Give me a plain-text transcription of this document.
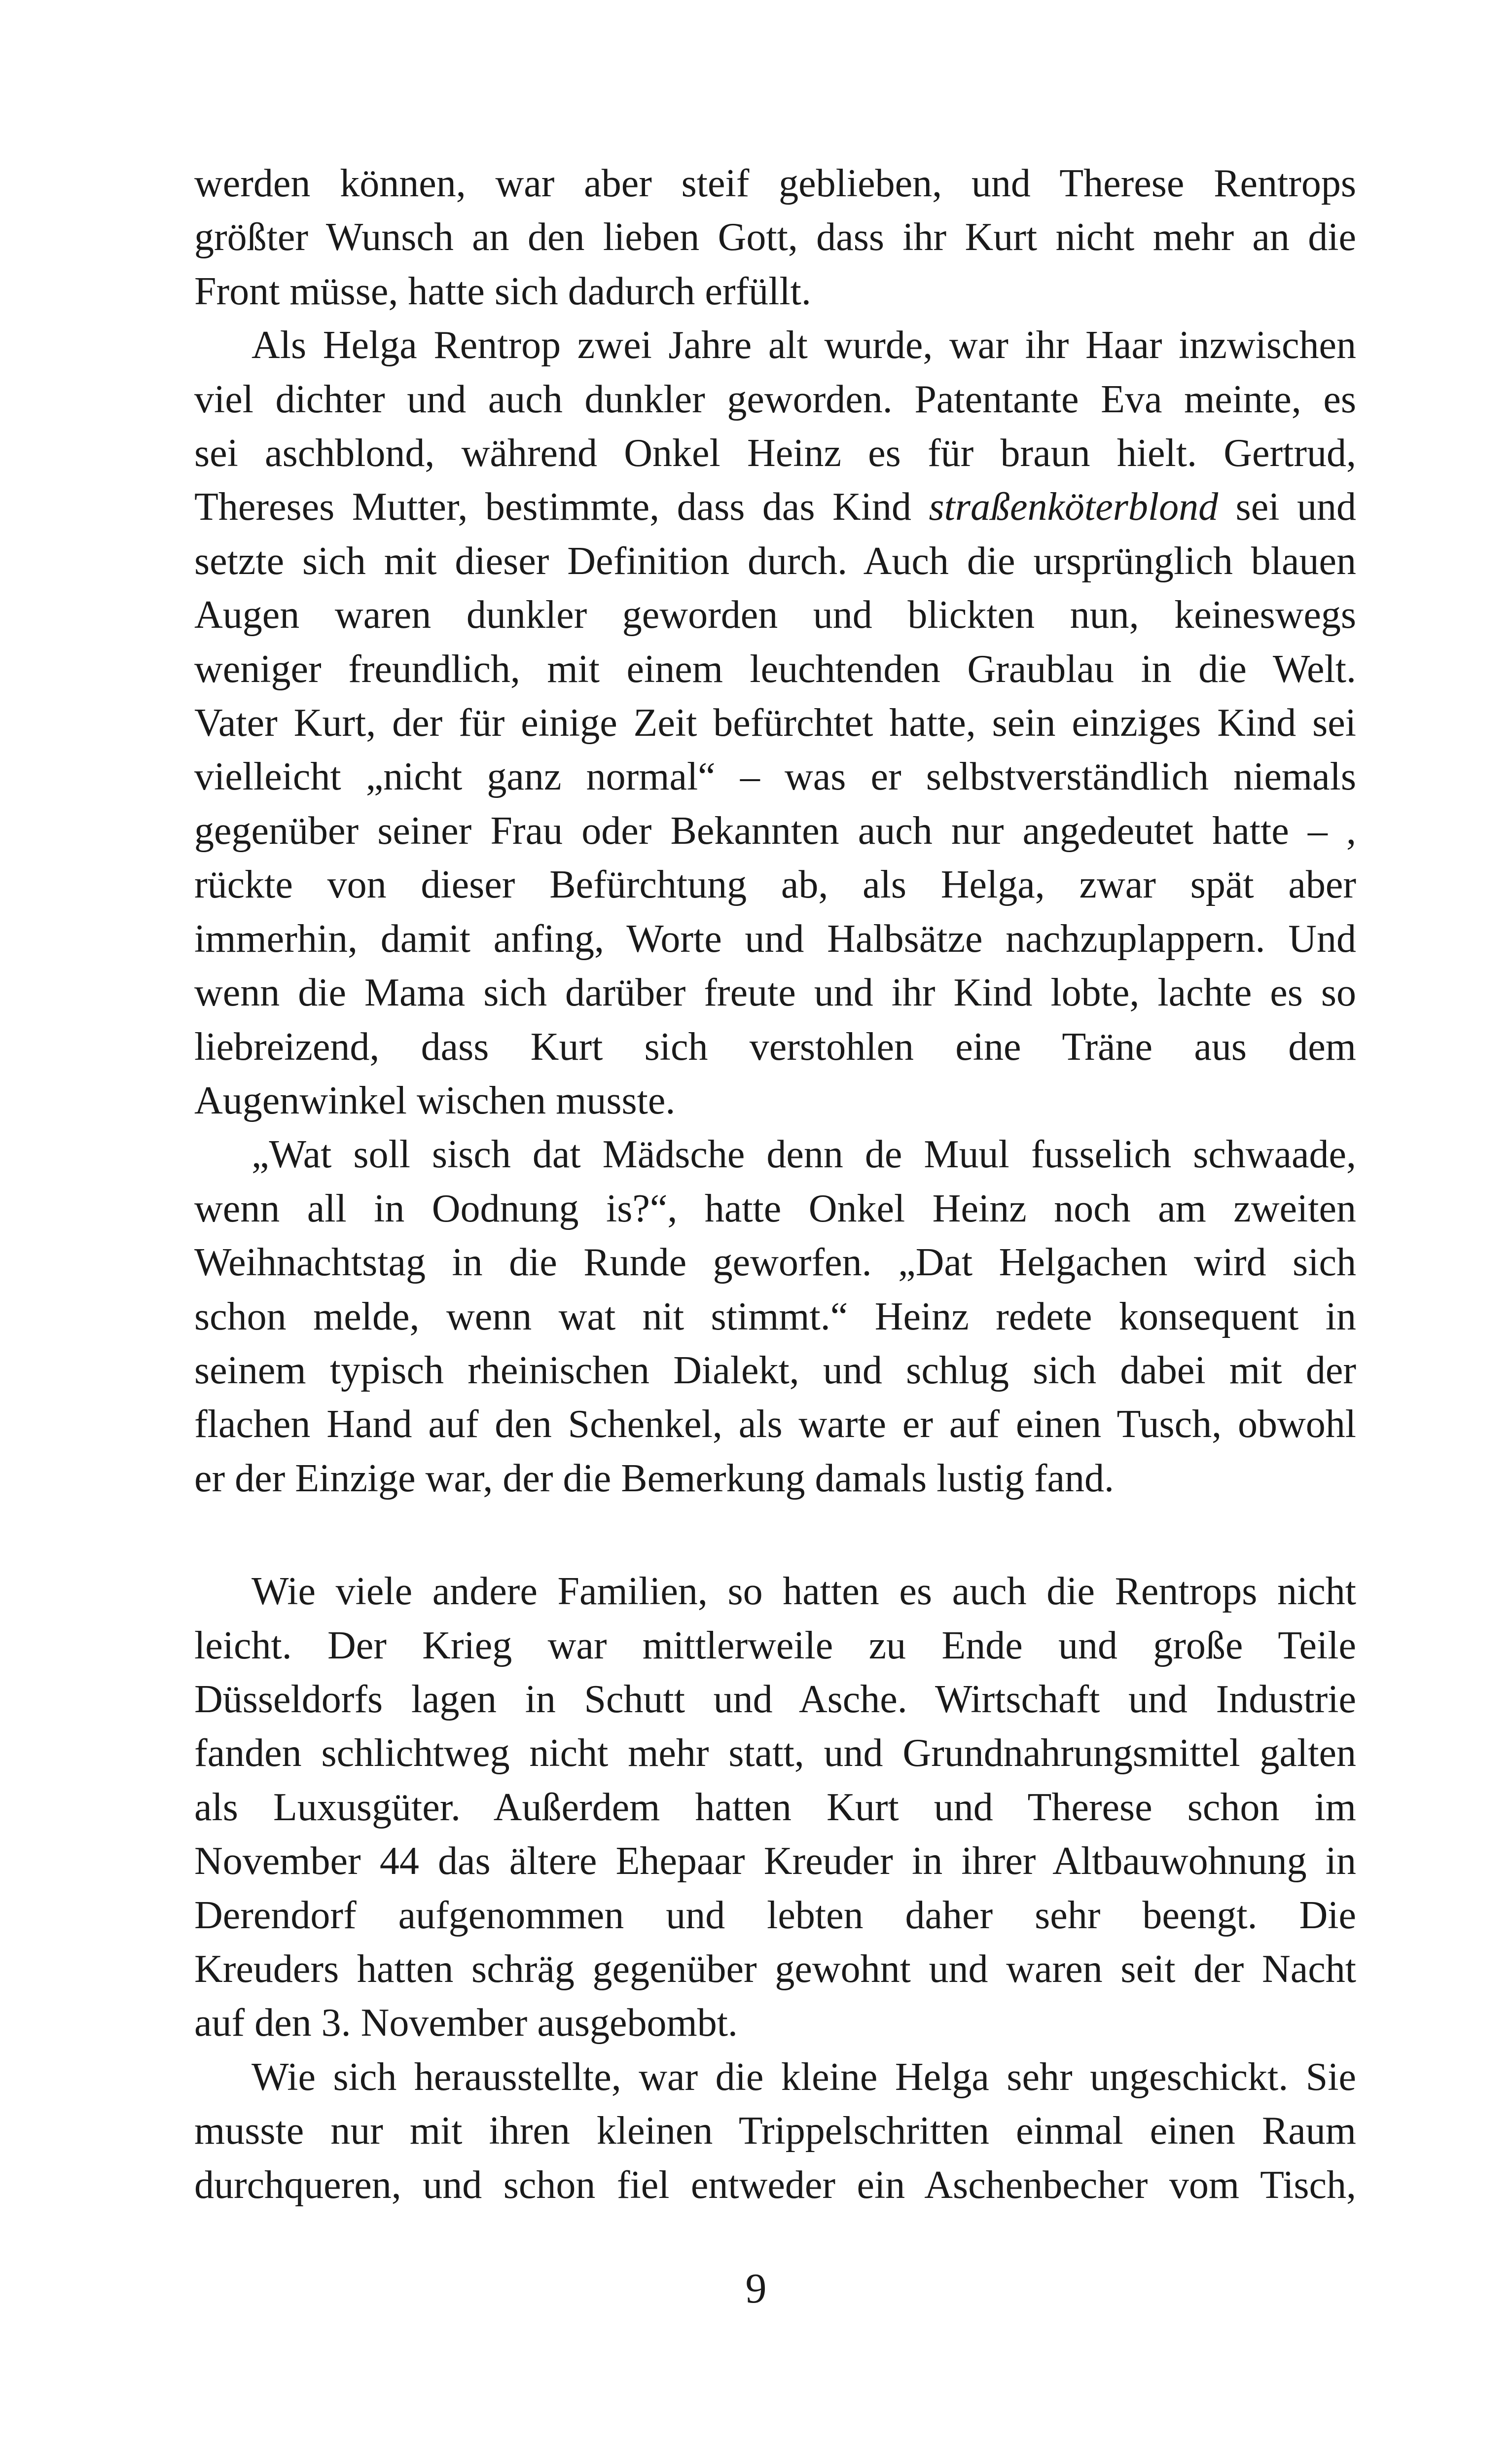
werden können, war aber steif geblieben, und Therese Rentrops
größter Wunsch an den lieben Gott, dass ihr Kurt nicht mehr an die
Front müsse, hatte sich dadurch erfüllt.
Als Helga Rentrop zwei Jahre alt wurde, war ihr Haar inzwischen
viel dichter und auch dunkler geworden. Patentante Eva meinte, es
sei aschblond, während Onkel Heinz es für braun hielt. Gertrud,
Thereses Mutter, bestimmte, dass das Kind straßenköterblond sei und
setzte sich mit dieser Definition durch. Auch die ursprünglich blauen
Augen waren dunkler geworden und blickten nun, keineswegs
weniger freundlich, mit einem leuchtenden Graublau in die Welt.
Vater Kurt, der für einige Zeit befürchtet hatte, sein einziges Kind sei
vielleicht „nicht ganz normal“ – was er selbstverständlich niemals
gegenüber seiner Frau oder Bekannten auch nur angedeutet hatte – ,
rückte von dieser Befürchtung ab, als Helga, zwar spät aber
immerhin, damit anfing, Worte und Halbsätze nachzuplappern. Und
wenn die Mama sich darüber freute und ihr Kind lobte, lachte es so
liebreizend, dass Kurt sich verstohlen eine Träne aus dem
Augenwinkel wischen musste.
„Wat soll sisch dat Mädsche denn de Muul fusselich schwaade,
wenn all in Oodnung is?“, hatte Onkel Heinz noch am zweiten
Weihnachtstag in die Runde geworfen. „Dat Helgachen wird sich
schon melde, wenn wat nit stimmt.“ Heinz redete konsequent in
seinem typisch rheinischen Dialekt, und schlug sich dabei mit der
flachen Hand auf den Schenkel, als warte er auf einen Tusch, obwohl
er der Einzige war, der die Bemerkung damals lustig fand.
Wie viele andere Familien, so hatten es auch die Rentrops nicht
leicht. Der Krieg war mittlerweile zu Ende und große Teile
Düsseldorfs lagen in Schutt und Asche. Wirtschaft und Industrie
fanden schlichtweg nicht mehr statt, und Grundnahrungsmittel galten
als Luxusgüter. Außerdem hatten Kurt und Therese schon im
November 44 das ältere Ehepaar Kreuder in ihrer Altbauwohnung in
Derendorf aufgenommen und lebten daher sehr beengt. Die
Kreuders hatten schräg gegenüber gewohnt und waren seit der Nacht
auf den 3. November ausgebombt.
Wie sich herausstellte, war die kleine Helga sehr ungeschickt. Sie
musste nur mit ihren kleinen Trippelschritten einmal einen Raum
durchqueren, und schon fiel entweder ein Aschenbecher vom Tisch,
9
